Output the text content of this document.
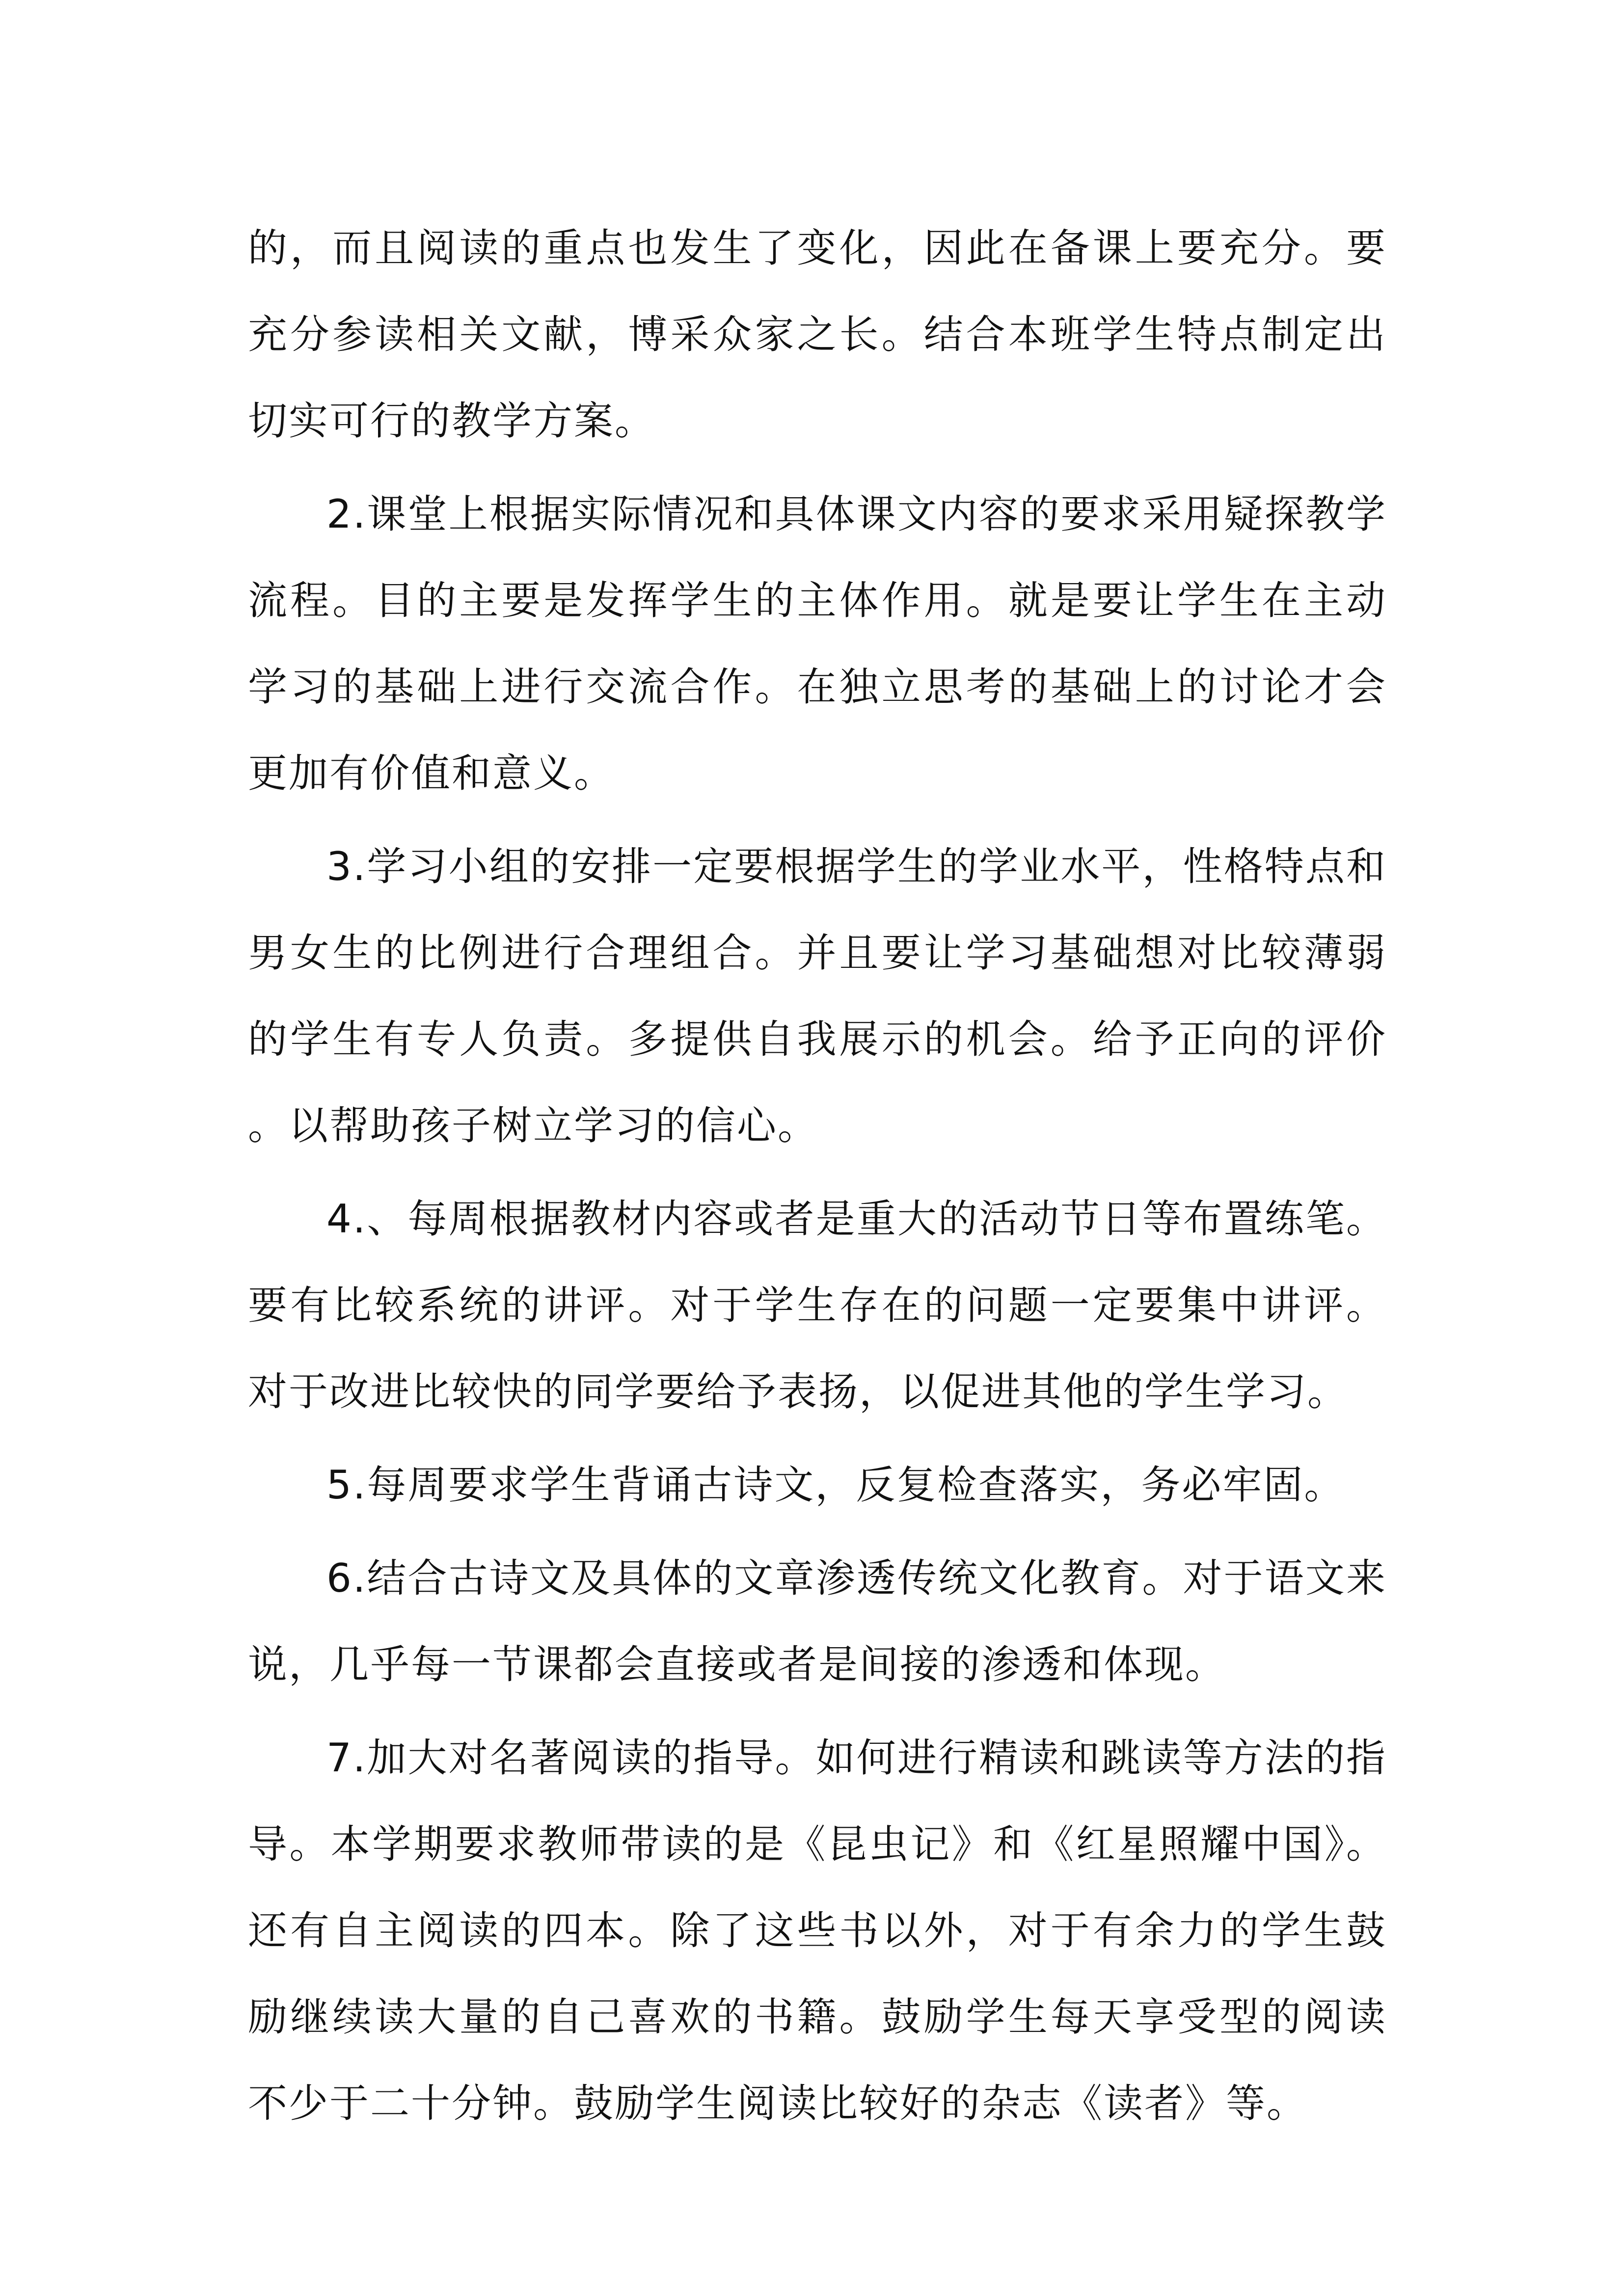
的，而且阅读的重点也发生了变化，因此在备课上要充分。要充分参读相关文献，博采众家之长。结合本班学生特点制定出切实可行的教学方案。

2.课堂上根据实际情况和具体课文内容的要求采用疑探教学流程。目的主要是发挥学生的主体作用。就是要让学生在主动学习的基础上进行交流合作。在独立思考的基础上的讨论才会更加有价值和意义。

3.学习小组的安排一定要根据学生的学业水平，性格特点和男女生的比例进行合理组合。并且要让学习基础想对比较薄弱的学生有专人负责。多提供自我展示的机会。给予正向的评价。以帮助孩子树立学习的信心。

4.、每周根据教材内容或者是重大的活动节日等布置练笔。要有比较系统的讲评。对于学生存在的问题一定要集中讲评。对于改进比较快的同学要给予表扬，以促进其他的学生学习。

5.每周要求学生背诵古诗文，反复检查落实，务必牢固。

6.结合古诗文及具体的文章渗透传统文化教育。对于语文来说，几乎每一节课都会直接或者是间接的渗透和体现。

7.加大对名著阅读的指导。如何进行精读和跳读等方法的指导。本学期要求教师带读的是《昆虫记》和《红星照耀中国》。还有自主阅读的四本。除了这些书以外，对于有余力的学生鼓励继续读大量的自己喜欢的书籍。鼓励学生每天享受型的阅读不少于二十分钟。鼓励学生阅读比较好的杂志《读者》等。
